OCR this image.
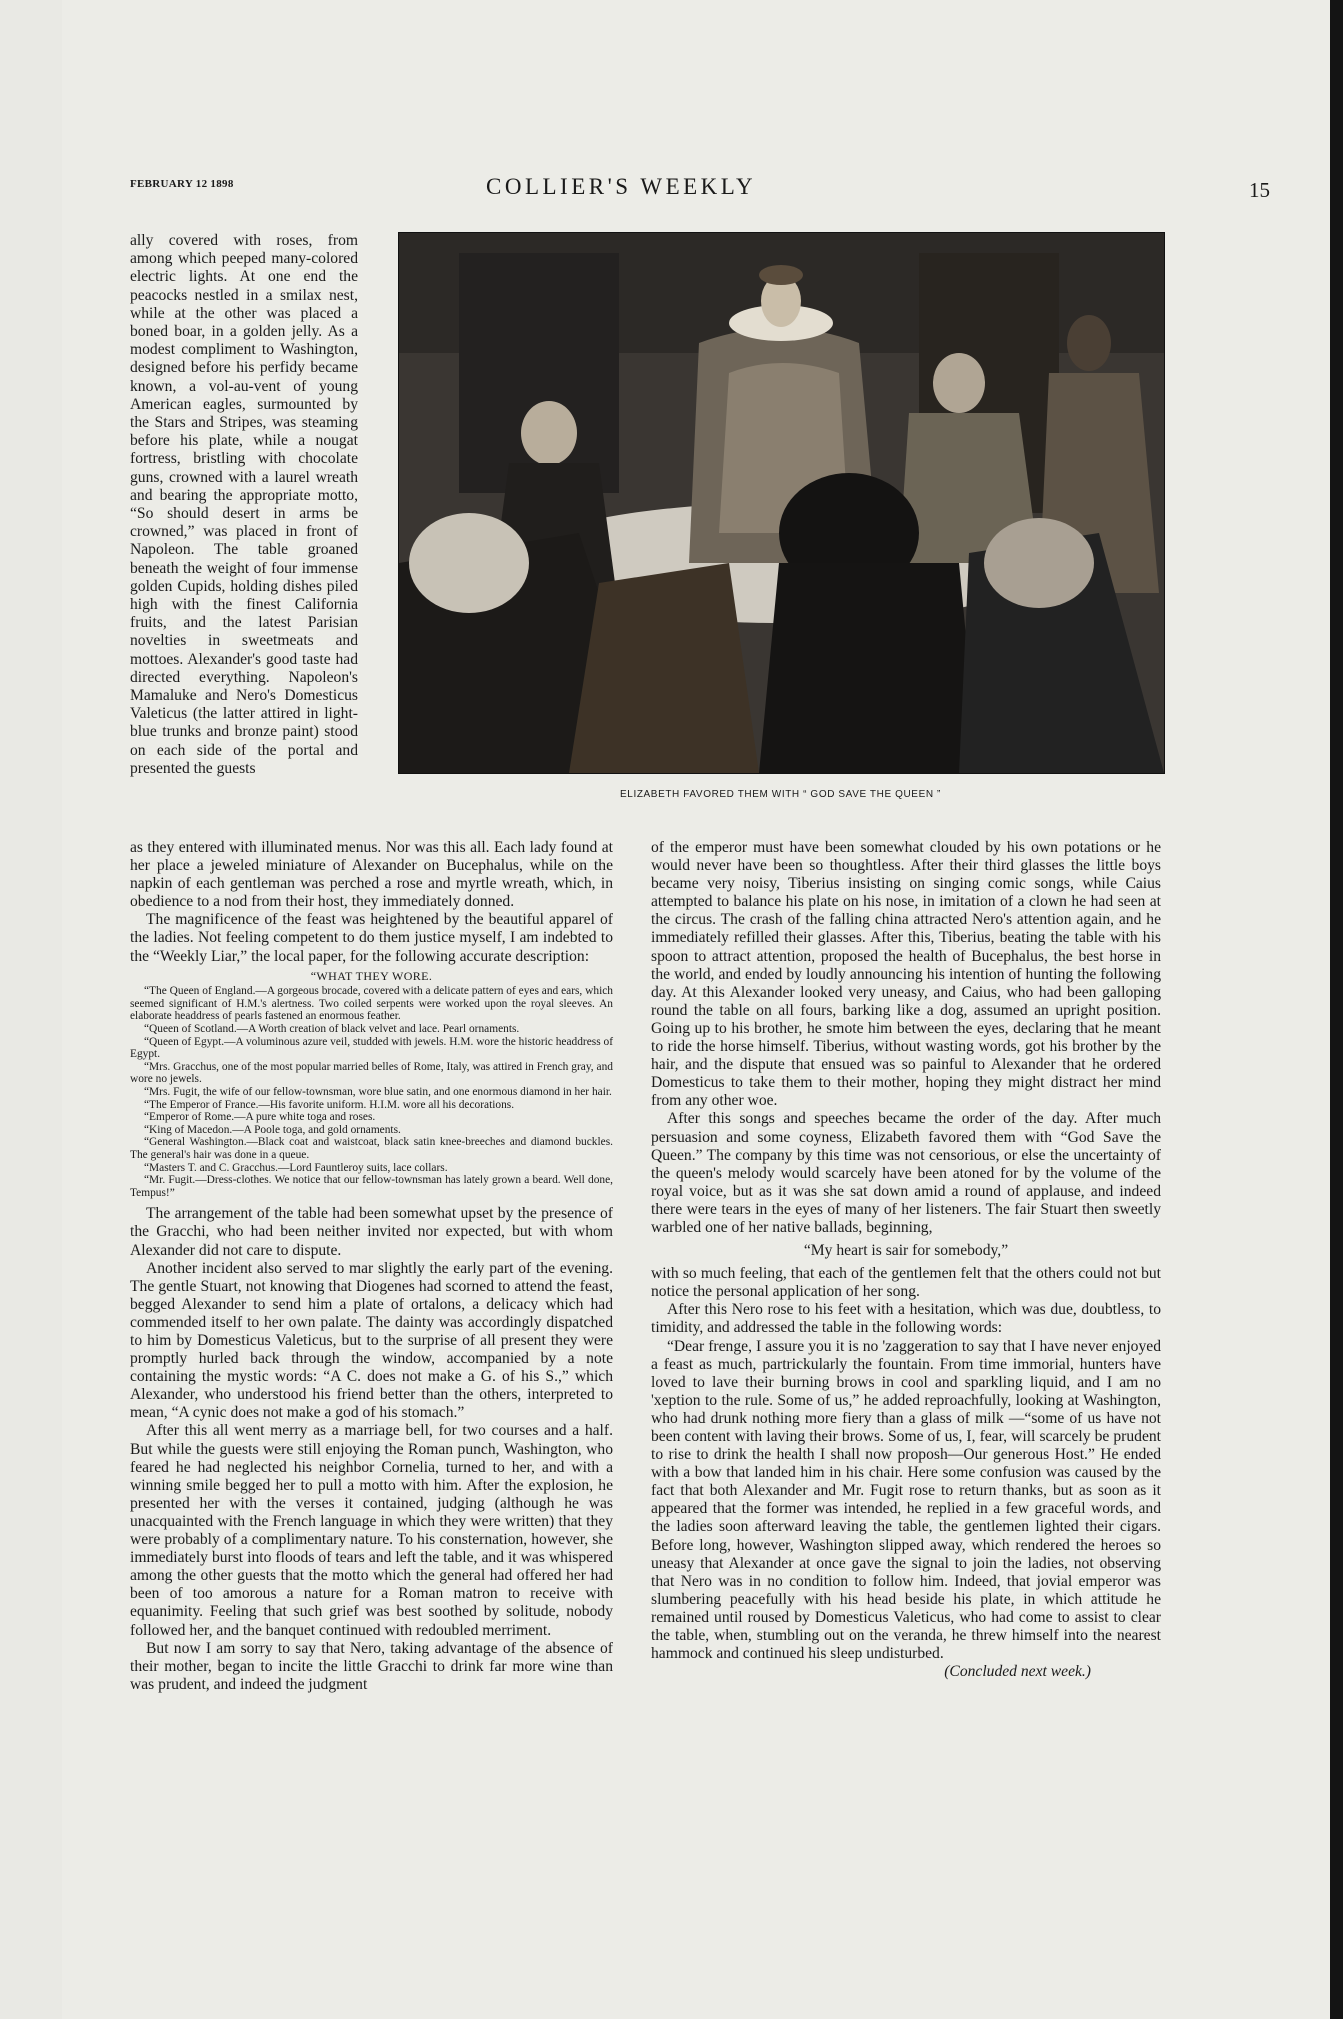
FEBRUARY 12 1898	COLLIER'S WEEKLY	15

ally covered with roses, from among which peeped many-colored electric lights. At one end the peacocks nestled in a smilax nest, while at the other was placed a boned boar, in a golden jelly. As a modest compliment to Washington, designed before his perfidy became known, a vol-au-vent of young American eagles, surmounted by the Stars and Stripes, was steaming before his plate, while a nougat fortress, bristling with chocolate guns, crowned with a laurel wreath and bearing the appropriate motto, “So should desert in arms be crowned,” was placed in front of Napoleon. The table groaned beneath the weight of four immense golden Cupids, holding dishes piled high with the finest California fruits, and the latest Parisian novelties in sweetmeats and mottoes. Alexander's good taste had directed everything. Napoleon's Mamaluke and Nero's Domesticus Valeticus (the latter attired in light-blue trunks and bronze paint) stood on each side of the portal and presented the guests

ELIZABETH FAVORED THEM WITH “ GOD SAVE THE QUEEN ”

as they entered with illuminated menus. Nor was this all. Each lady found at her place a jeweled miniature of Alexander on Bucephalus, while on the napkin of each gentleman was perched a rose and myrtle wreath, which, in obedience to a nod from their host, they immediately donned.

The magnificence of the feast was heightened by the beautiful apparel of the ladies. Not feeling competent to do them justice myself, I am indebted to the “Weekly Liar,” the local paper, for the following accurate description:

“WHAT THEY WORE.

“The Queen of England.—A gorgeous brocade, covered with a delicate pattern of eyes and ears, which seemed significant of H.M.'s alertness. Two coiled serpents were worked upon the royal sleeves. An elaborate headdress of pearls fastened an enormous feather.

“Queen of Scotland.—A Worth creation of black velvet and lace. Pearl ornaments.

“Queen of Egypt.—A voluminous azure veil, studded with jewels. H.M. wore the historic headdress of Egypt.

“Mrs. Gracchus, one of the most popular married belles of Rome, Italy, was attired in French gray, and wore no jewels.

“Mrs. Fugit, the wife of our fellow-townsman, wore blue satin, and one enormous diamond in her hair.

“The Emperor of France.—His favorite uniform. H.I.M. wore all his decorations.

“Emperor of Rome.—A pure white toga and roses.

“King of Macedon.—A Poole toga, and gold ornaments.

“General Washington.—Black coat and waistcoat, black satin knee-breeches and diamond buckles. The general's hair was done in a queue.

“Masters T. and C. Gracchus.—Lord Fauntleroy suits, lace collars.

“Mr. Fugit.—Dress-clothes. We notice that our fellow-townsman has lately grown a beard. Well done, Tempus!”

The arrangement of the table had been somewhat upset by the presence of the Gracchi, who had been neither invited nor expected, but with whom Alexander did not care to dispute.

Another incident also served to mar slightly the early part of the evening. The gentle Stuart, not knowing that Diogenes had scorned to attend the feast, begged Alexander to send him a plate of ortalons, a delicacy which had commended itself to her own palate. The dainty was accordingly dispatched to him by Domesticus Valeticus, but to the surprise of all present they were promptly hurled back through the window, accompanied by a note containing the mystic words: “A C. does not make a G. of his S.,” which Alexander, who understood his friend better than the others, interpreted to mean, “A cynic does not make a god of his stomach.”

After this all went merry as a marriage bell, for two courses and a half. But while the guests were still enjoying the Roman punch, Washington, who feared he had neglected his neighbor Cornelia, turned to her, and with a winning smile begged her to pull a motto with him. After the explosion, he presented her with the verses it contained, judging (although he was unacquainted with the French language in which they were written) that they were probably of a complimentary nature. To his consternation, however, she immediately burst into floods of tears and left the table, and it was whispered among the other guests that the motto which the general had offered her had been of too amorous a nature for a Roman matron to receive with equanimity. Feeling that such grief was best soothed by solitude, nobody followed her, and the banquet continued with redoubled merriment.

But now I am sorry to say that Nero, taking advantage of the absence of their mother, began to incite the little Gracchi to drink far more wine than was prudent, and indeed the judgment

of the emperor must have been somewhat clouded by his own potations or he would never have been so thoughtless. After their third glasses the little boys became very noisy, Tiberius insisting on singing comic songs, while Caius attempted to balance his plate on his nose, in imitation of a clown he had seen at the circus. The crash of the falling china attracted Nero's attention again, and he immediately refilled their glasses. After this, Tiberius, beating the table with his spoon to attract attention, proposed the health of Bucephalus, the best horse in the world, and ended by loudly announcing his intention of hunting the following day. At this Alexander looked very uneasy, and Caius, who had been galloping round the table on all fours, barking like a dog, assumed an upright position. Going up to his brother, he smote him between the eyes, declaring that he meant to ride the horse himself. Tiberius, without wasting words, got his brother by the hair, and the dispute that ensued was so painful to Alexander that he ordered Domesticus to take them to their mother, hoping they might distract her mind from any other woe.

After this songs and speeches became the order of the day. After much persuasion and some coyness, Elizabeth favored them with “God Save the Queen.” The company by this time was not censorious, or else the uncertainty of the queen's melody would scarcely have been atoned for by the volume of the royal voice, but as it was she sat down amid a round of applause, and indeed there were tears in the eyes of many of her listeners. The fair Stuart then sweetly warbled one of her native ballads, beginning,

“My heart is sair for somebody,”

with so much feeling, that each of the gentlemen felt that the others could not but notice the personal application of her song.

After this Nero rose to his feet with a hesitation, which was due, doubtless, to timidity, and addressed the table in the following words:

“Dear frenge, I assure you it is no 'zaggeration to say that I have never enjoyed a feast as much, partrickularly the fountain. From time immorial, hunters have loved to lave their burning brows in cool and sparkling liquid, and I am no 'xeption to the rule. Some of us,” he added reproachfully, looking at Washington, who had drunk nothing more fiery than a glass of milk —“some of us have not been content with laving their brows. Some of us, I, fear, will scarcely be prudent to rise to drink the health I shall now proposh—Our generous Host.” He ended with a bow that landed him in his chair. Here some confusion was caused by the fact that both Alexander and Mr. Fugit rose to return thanks, but as soon as it appeared that the former was intended, he replied in a few graceful words, and the ladies soon afterward leaving the table, the gentlemen lighted their cigars. Before long, however, Washington slipped away, which rendered the heroes so uneasy that Alexander at once gave the signal to join the ladies, not observing that Nero was in no condition to follow him. Indeed, that jovial emperor was slumbering peacefully with his head beside his plate, in which attitude he remained until roused by Domesticus Valeticus, who had come to assist to clear the table, when, stumbling out on the veranda, he threw himself into the nearest hammock and continued his sleep undisturbed.

(Concluded next week.)
